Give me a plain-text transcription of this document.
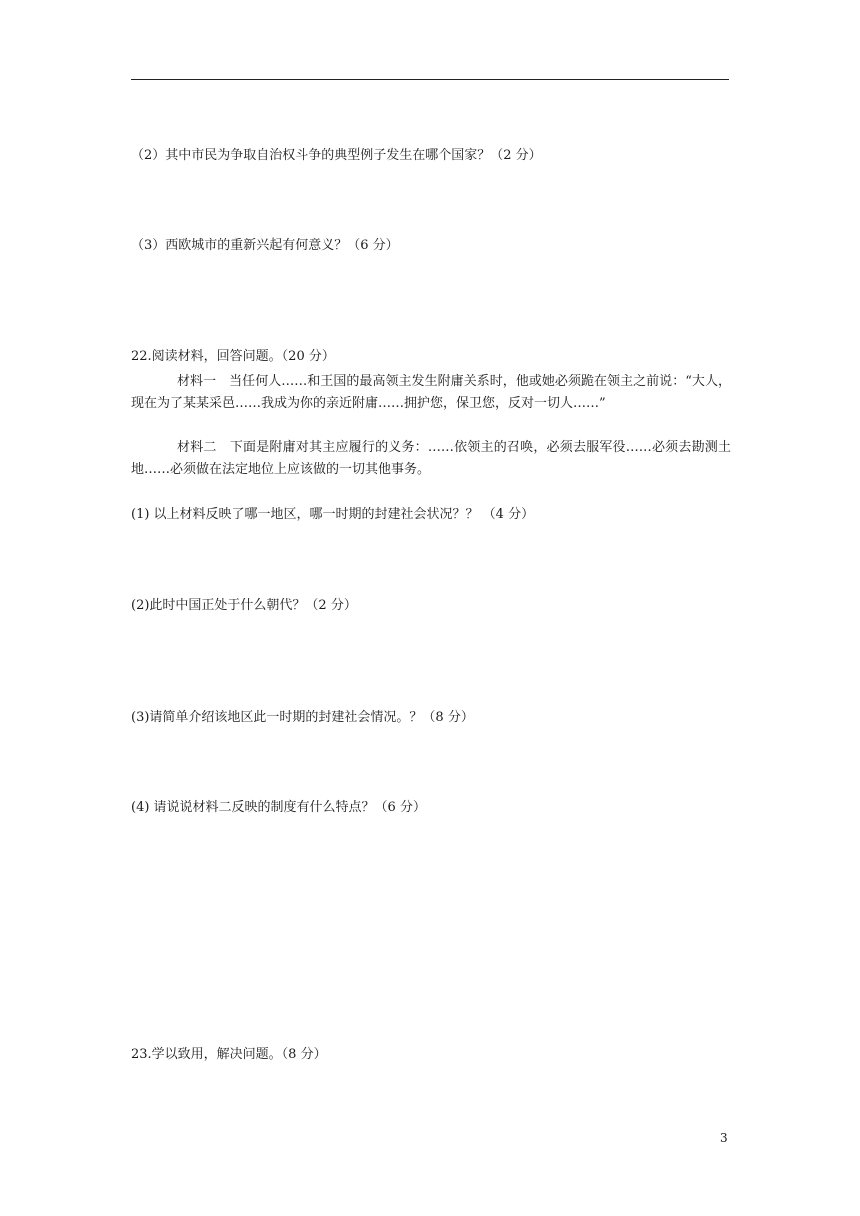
（2）其中市民为争取自治权斗争的典型例子发生在哪个国家？（2 分）
（3）西欧城市的重新兴起有何意义？（6 分）
22.阅读材料，回答问题。（20 分）
材料一　当任何人……和王国的最高领主发生附庸关系时，他或她必须跪在领主之前说：“大人，现在为了某某采邑……我成为你的亲近附庸……拥护您，保卫您，反对一切人……”
材料二　下面是附庸对其主应履行的义务：……依领主的召唤，必须去服军役……必须去勘测土地……必须做在法定地位上应该做的一切其他事务。
(1) 以上材料反映了哪一地区，哪一时期的封建社会状况？？ （4 分）
(2)此时中国正处于什么朝代？（2 分）
(3)请简单介绍该地区此一时期的封建社会情况。？（8 分）
(4) 请说说材料二反映的制度有什么特点？（6 分）
23.学以致用，解决问题。（8 分）
3
